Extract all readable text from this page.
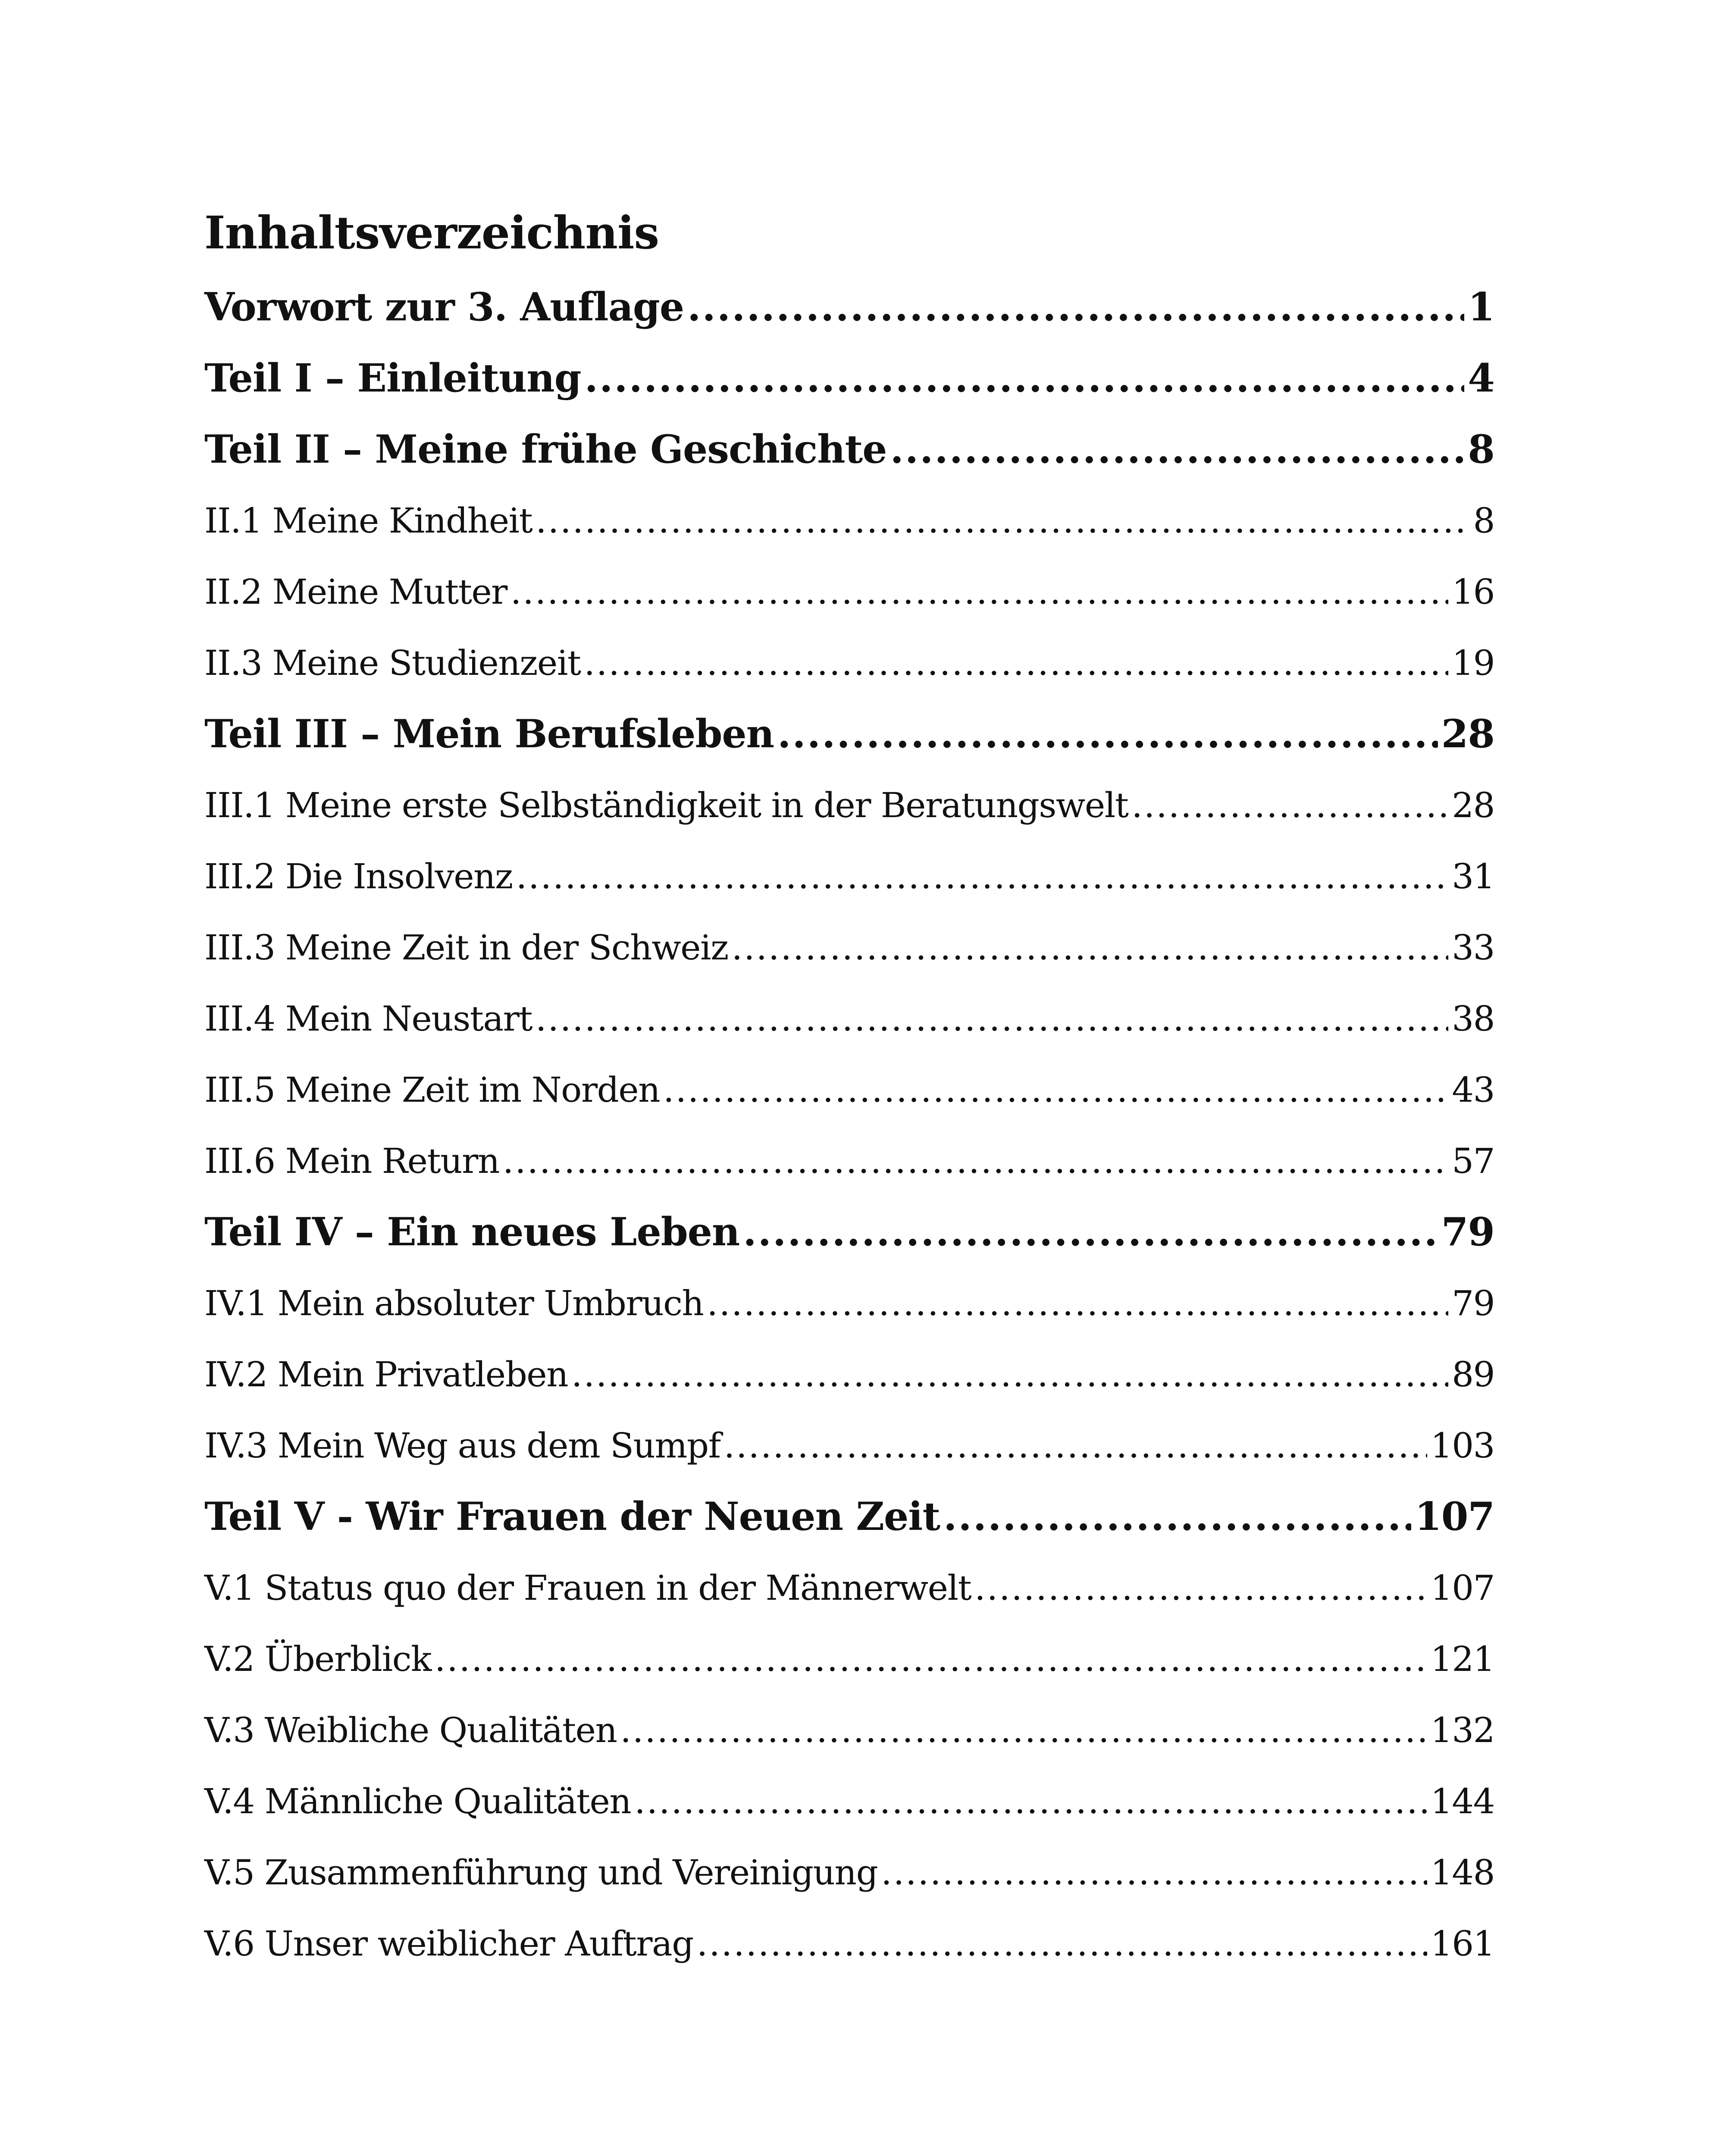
Inhaltsverzeichnis
Vorwort zur 3. Auflage .....	1
Teil I – Einleitung .....	4
Teil II – Meine frühe Geschichte .....	8
II.1 Meine Kindheit .....	8
II.2 Meine Mutter .....	16
II.3 Meine Studienzeit .....	19
Teil III – Mein Berufsleben .....	28
III.1 Meine erste Selbständigkeit in der Beratungswelt .....	28
III.2 Die Insolvenz .....	31
III.3 Meine Zeit in der Schweiz .....	33
III.4 Mein Neustart .....	38
III.5 Meine Zeit im Norden .....	43
III.6 Mein Return .....	57
Teil IV – Ein neues Leben .....	79
IV.1 Mein absoluter Umbruch .....	79
IV.2 Mein Privatleben .....	89
IV.3 Mein Weg aus dem Sumpf .....	103
Teil V - Wir Frauen der Neuen Zeit .....	107
V.1 Status quo der Frauen in der Männerwelt .....	107
V.2 Überblick .....	121
V.3 Weibliche Qualitäten .....	132
V.4 Männliche Qualitäten .....	144
V.5 Zusammenführung und Vereinigung .....	148
V.6 Unser weiblicher Auftrag .....	161
